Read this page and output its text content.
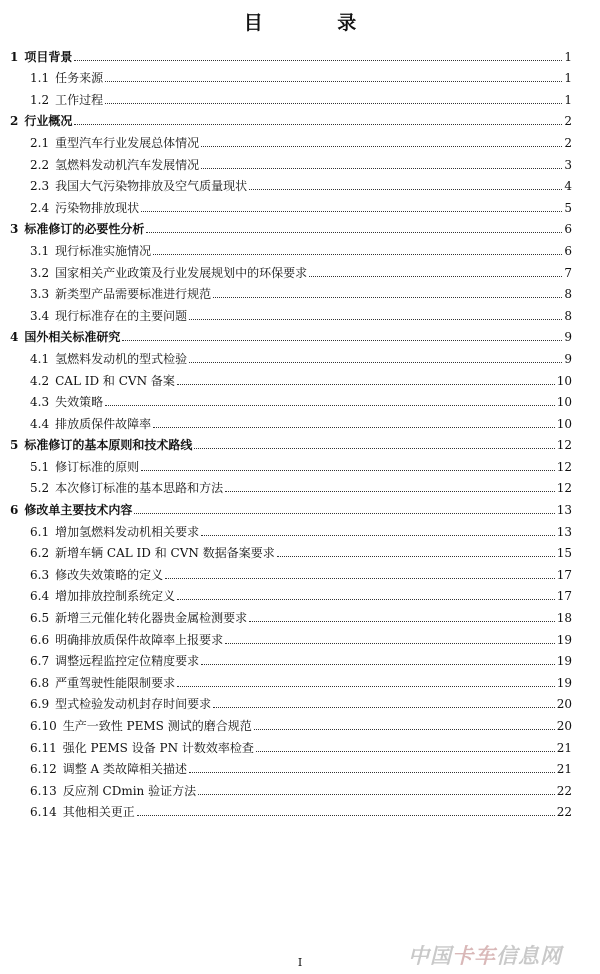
目 录
1 项目背景	1
1.1 任务来源	1
1.2 工作过程	1
2 行业概况	2
2.1 重型汽车行业发展总体情况	2
2.2 氢燃料发动机汽车发展情况	3
2.3 我国大气污染物排放及空气质量现状	4
2.4 污染物排放现状	5
3 标准修订的必要性分析	6
3.1 现行标准实施情况	6
3.2 国家相关产业政策及行业发展规划中的环保要求	7
3.3 新类型产品需要标准进行规范	8
3.4 现行标准存在的主要问题	8
4 国外相关标准研究	9
4.1 氢燃料发动机的型式检验	9
4.2 CAL ID 和 CVN 备案	10
4.3 失效策略	10
4.4 排放质保件故障率	10
5 标准修订的基本原则和技术路线	12
5.1 修订标准的原则	12
5.2 本次修订标准的基本思路和方法	12
6 修改单主要技术内容	13
6.1 增加氢燃料发动机相关要求	13
6.2 新增车辆 CAL ID 和 CVN 数据备案要求	15
6.3 修改失效策略的定义	17
6.4 增加排放控制系统定义	17
6.5 新增三元催化转化器贵金属检测要求	18
6.6 明确排放质保件故障率上报要求	19
6.7 调整远程监控定位精度要求	19
6.8 严重驾驶性能限制要求	19
6.9 型式检验发动机封存时间要求	20
6.10 生产一致性 PEMS 测试的磨合规范	20
6.11 强化 PEMS 设备 PN 计数效率检查	21
6.12 调整 A 类故障相关描述	21
6.13 反应剂 CDmin 验证方法	22
6.14 其他相关更正	22
I	中国卡车信息网
